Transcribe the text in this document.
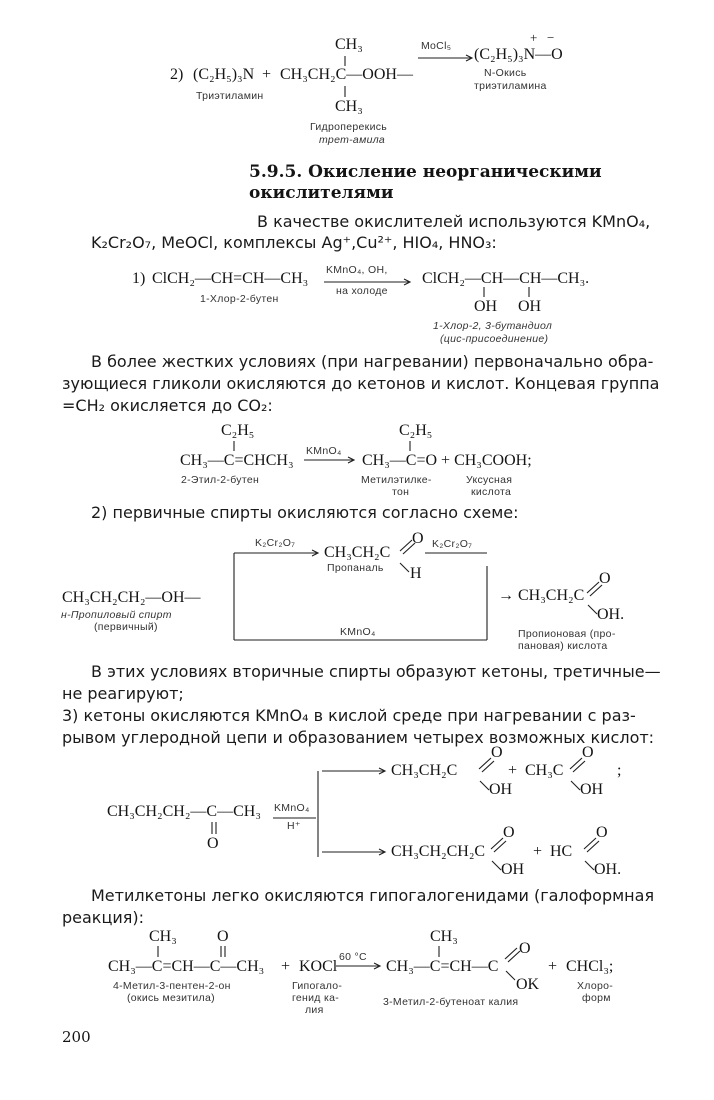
CH₃
2) (C₂H₅)₃N + CH₃CH₂C—OOH—
CH₃
MoCl₅
+ −
(C₂H₅)₃N—O
Триэтиламин
N-Окись
триэтиламина
Гидроперекись
трет-амила
5.9.5. Окисление неорганическими
окислителями
В качестве окислителей используются KMnO₄,
K₂Cr₂O₇, MeOCl, комплексы Ag⁺,Cu²⁺, HIO₄, HNO₃:
1) ClCH₂—CH=CH—CH₃ KMnO₄, OH,
на холоде
ClCH₂—CH—CH—CH₃.
OH OH
1-Хлор-2-бутен
1-Хлор-2, 3-бутандиол
(цис-присоединение)
В более жестких условиях (при нагревании) первоначально обра-
зующиеся гликоли окисляются до кетонов и кислот. Концевая группа
=CH₂ окисляется до CO₂:
C₂H₅
CH₃—C=CHCH₃
KMnO₄
C₂H₅
CH₃—C=O + CH₃COOH;
2-Этил-2-бутен	Метилэтилке-
тон
Уксусная
кислота
2) первичные спирты окисляются согласно схеме:
K₂Cr₂O₇
CH₃CH₂C
O
H
K₂Cr₂O₇
Пропаналь
CH₃CH₂CH₂—OH—
н-Пропиловый спирт
(первичный)	KMnO₄
→ CH₃CH₂C
O
OH.
Пропионовая (про-
пановая) кислота
В этих условиях вторичные спирты образуют кетоны, третичные—
не реагируют;
3) кетоны окисляются KMnO₄ в кислой среде при нагревании с раз-
рывом углеродной цепи и образованием четырех возможных кислот:
CH₃CH₂CH₂—C—CH₃
O
KMnO₄
H⁺
CH₃CH₂C
O
OH
+ CH₃C
O
OH
;
CH₃CH₂CH₂C
O
OH
+ HC
O
OH.
Метилкетоны легко окисляются гипогалогенидами (галоформная
реакция):
CH₃	O
CH₃—C=CH—C—CH₃ + KOCl
60 °C
CH₃
CH₃—C=CH—C
O
OK
+ CHCl₃;
4-Метил-3-пентен-2-он
(окись мезитила)
Гипогало-
генид ка-
лия
3-Метил-2-бутеноат калия
Хлоро-
форм
200
